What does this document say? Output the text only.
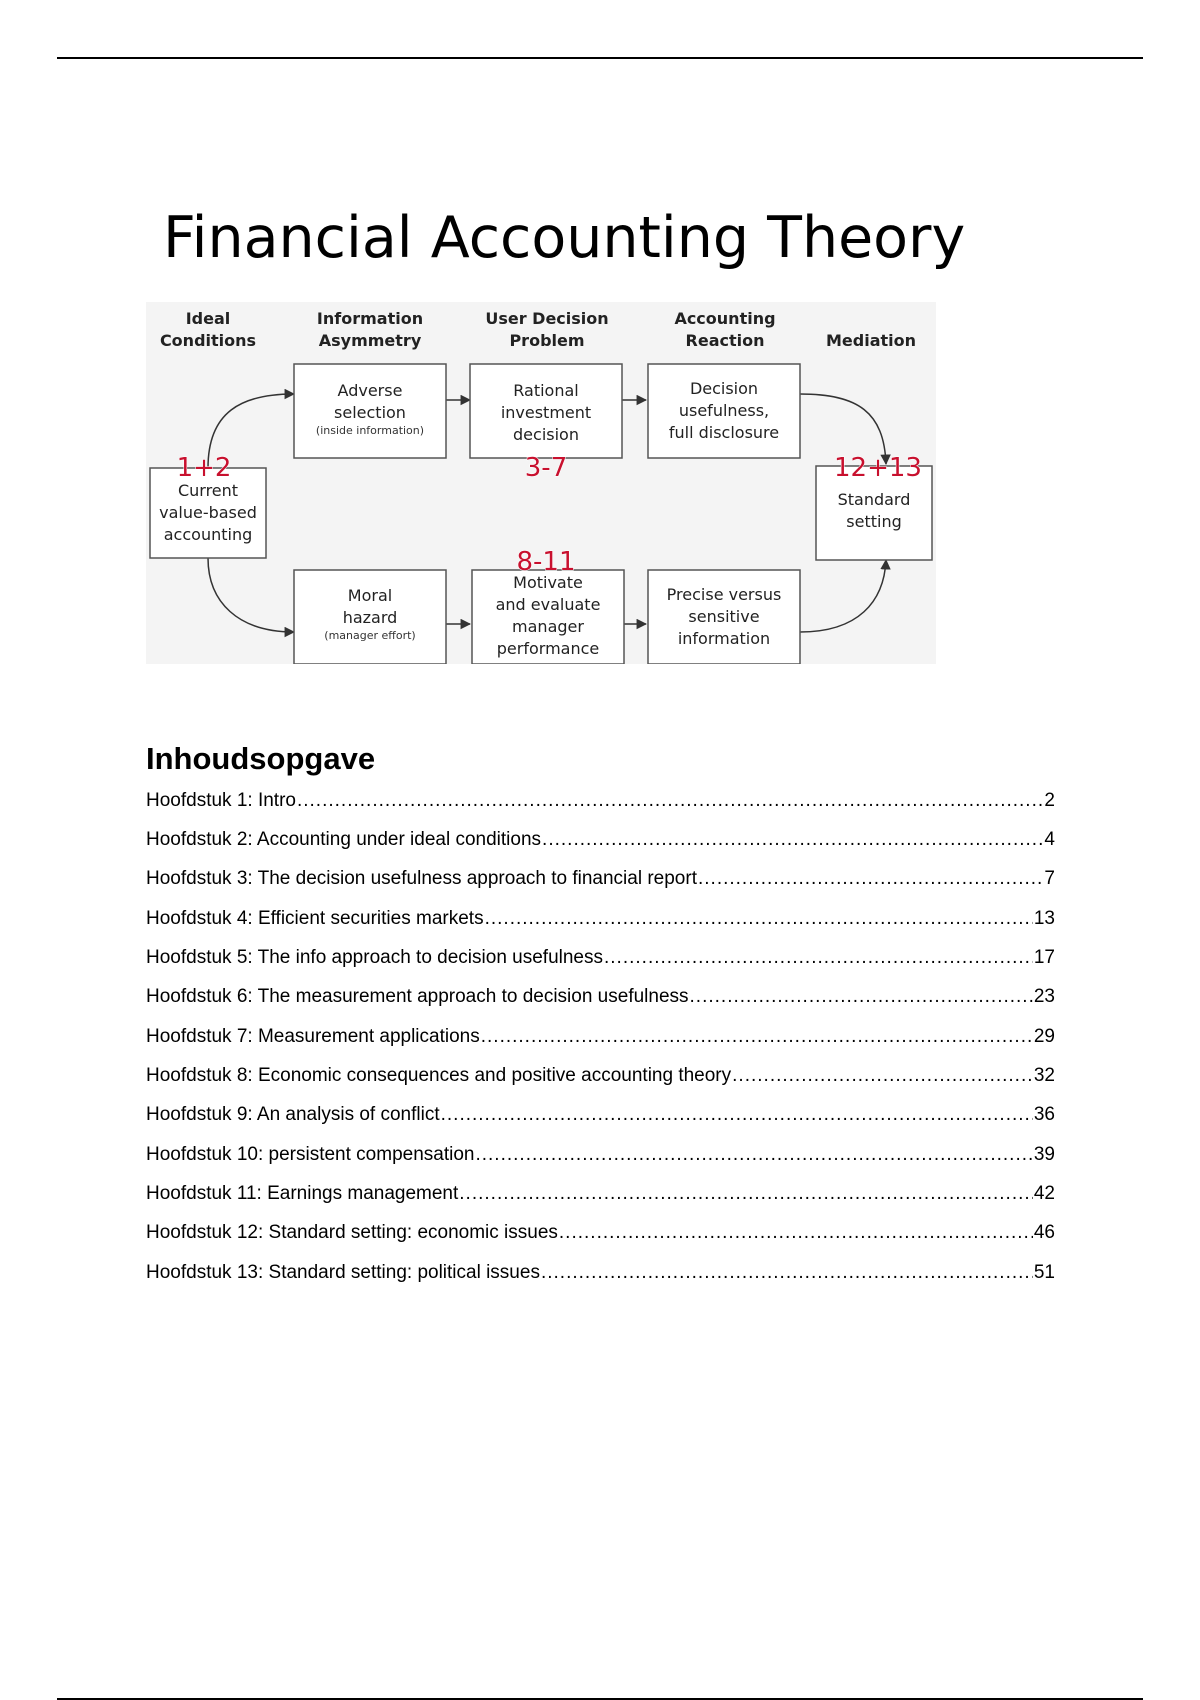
Financial Accounting Theory
Ideal
Conditions
Information
Asymmetry
User Decision
Problem
Accounting
Reaction	Mediation
Current
value-based
accounting
Adverse
selection
(inside information)
Rational
investment
decision
Decision
usefulness,
full disclosure
Standard
setting
Moral
hazard
(manager effort)
Motivate
and evaluate
manager
performance
Precise versus
sensitive
information
1+2	3-7
8-11
12+13
Inhoudsopgave
Hoofdstuk 1: Intro .....	2
Hoofdstuk 2: Accounting under ideal conditions .....	4
Hoofdstuk 3: The decision usefulness approach to financial report .....	7
Hoofdstuk 4: Efficient securities markets .....	13
Hoofdstuk 5: The info approach to decision usefulness .....	17
Hoofdstuk 6: The measurement approach to decision usefulness .....	23
Hoofdstuk 7: Measurement applications .....	29
Hoofdstuk 8: Economic consequences and positive accounting theory .....	32
Hoofdstuk 9: An analysis of conflict .....	36
Hoofdstuk 10: persistent compensation .....	39
Hoofdstuk 11: Earnings management .....	42
Hoofdstuk 12: Standard setting: economic issues .....	46
Hoofdstuk 13: Standard setting: political issues .....	51
